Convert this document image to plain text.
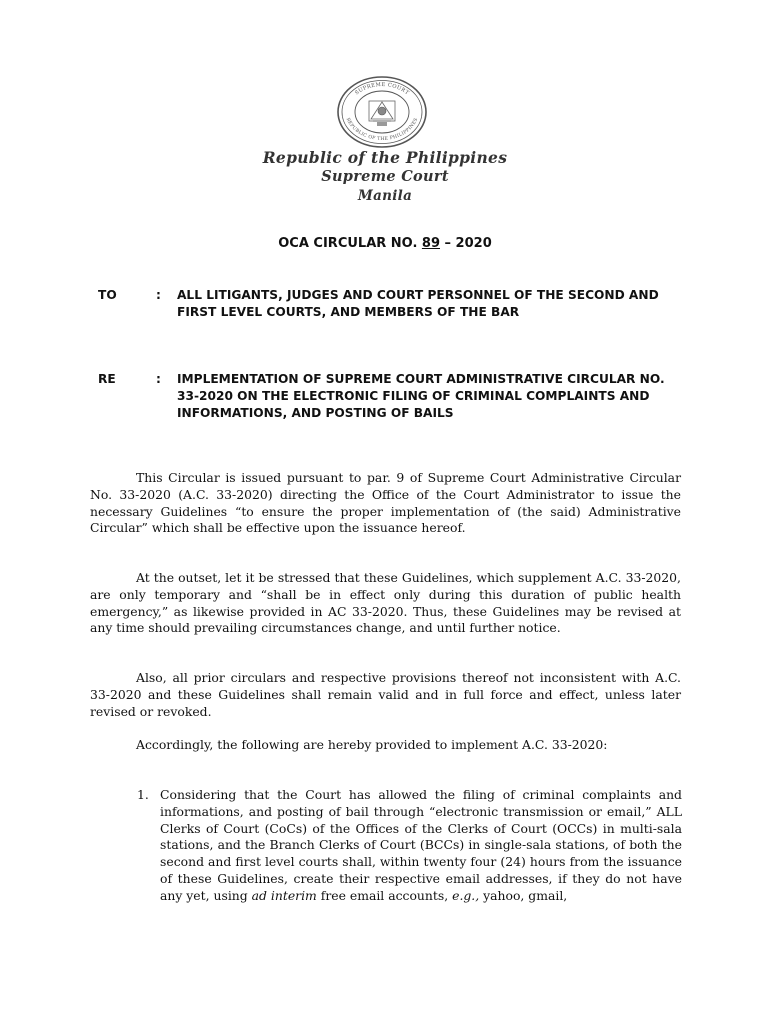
SUPREME COURT
REPUBLIC OF THE PHILIPPINES
Republic of the Philippines
Supreme Court
Manila
OCA CIRCULAR NO. 89 – 2020
TO	: ALL LITIGANTS, JUDGES AND COURT PERSONNEL OF THE SECOND AND FIRST LEVEL COURTS, AND MEMBERS OF THE BAR
RE	: IMPLEMENTATION OF SUPREME COURT ADMINISTRATIVE CIRCULAR NO. 33-2020 ON THE ELECTRONIC FILING OF CRIMINAL COMPLAINTS AND INFORMATIONS, AND POSTING OF BAILS

This Circular is issued pursuant to par. 9 of Supreme Court Administrative Circular No. 33-2020 (A.C. 33-2020) directing the Office of the Court Administrator to issue the necessary Guidelines “to ensure the proper implementation of (the said) Administrative Circular” which shall be effective upon the issuance hereof.

At the outset, let it be stressed that these Guidelines, which supplement A.C. 33-2020, are only temporary and “shall be in effect only during this duration of public health emergency,” as likewise provided in AC 33-2020. Thus, these Guidelines may be revised at any time should prevailing circumstances change, and until further notice.

Also, all prior circulars and respective provisions thereof not inconsistent with A.C. 33-2020 and these Guidelines shall remain valid and in full force and effect, unless later revised or revoked.

Accordingly, the following are hereby provided to implement A.C. 33-2020:

1. Considering that the Court has allowed the filing of criminal complaints and informations, and posting of bail through “electronic transmission or email,” ALL Clerks of Court (CoCs) of the Offices of the Clerks of Court (OCCs) in multi-sala stations, and the Branch Clerks of Court (BCCs) in single-sala stations, of both the second and first level courts shall, within twenty four (24) hours from the issuance of these Guidelines, create their respective email addresses, if they do not have any yet, using ad interim free email accounts, e.g., yahoo, gmail,
